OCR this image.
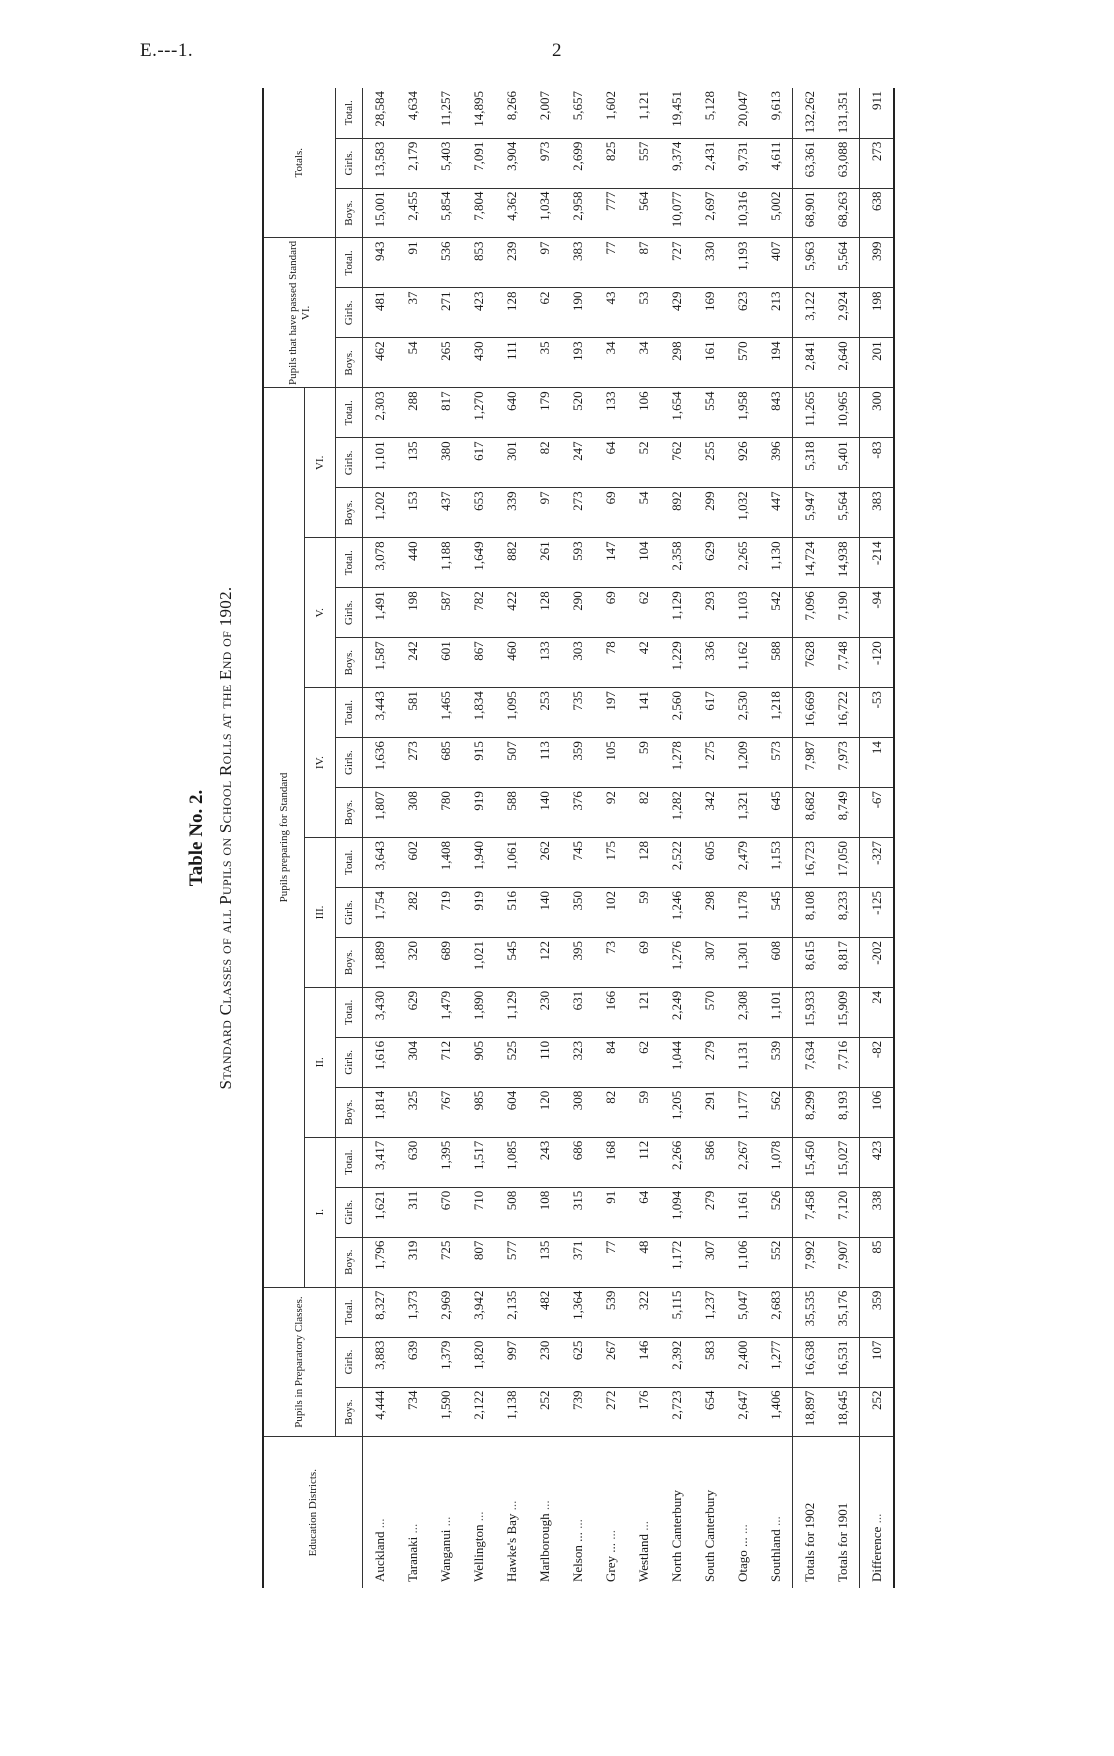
E.---1.	2
Table No. 2. Standard Classes of all Pupils on School Rolls at the End of 1902.
Education Districts.	Pupils in Preparatory Classes.			Pupils preparing for Standard																		Pupils that have passed Standard VI.			Totals.		
				I.			II.			III.			IV.			V.			VI.								
	Boys.	Girls.	Total.	Boys.	Girls.	Total.	Boys.	Girls.	Total.	Boys.	Girls.	Total.	Boys.	Girls.	Total.	Boys.	Girls.	Total.	Boys.	Girls.	Total.	Boys.	Girls.	Total.	Boys.	Girls.	Total.
Auckland ...	4,444	3,883	8,327	1,796	1,621	3,417	1,814	1,616	3,430	1,889	1,754	3,643	1,807	1,636	3,443	1,587	1,491	3,078	1,202	1,101	2,303	462	481	943	15,001	13,583	28,584
Taranaki ...	734	639	1,373	319	311	630	325	304	629	320	282	602	308	273	581	242	198	440	153	135	288	54	37	91	2,455	2,179	4,634
Wanganui ...	1,590	1,379	2,969	725	670	1,395	767	712	1,479	689	719	1,408	780	685	1,465	601	587	1,188	437	380	817	265	271	536	5,854	5,403	11,257
Wellington ...	2,122	1,820	3,942	807	710	1,517	985	905	1,890	1,021	919	1,940	919	915	1,834	867	782	1,649	653	617	1,270	430	423	853	7,804	7,091	14,895
Hawke's Bay ...	1,138	997	2,135	577	508	1,085	604	525	1,129	545	516	1,061	588	507	1,095	460	422	882	339	301	640	111	128	239	4,362	3,904	8,266
Marlborough ...	252	230	482	135	108	243	120	110	230	122	140	262	140	113	253	133	128	261	97	82	179	35	62	97	1,034	973	2,007
Nelson ... ...	739	625	1,364	371	315	686	308	323	631	395	350	745	376	359	735	303	290	593	273	247	520	193	190	383	2,958	2,699	5,657
Grey ... ...	272	267	539	77	91	168	82	84	166	73	102	175	92	105	197	78	69	147	69	64	133	34	43	77	777	825	1,602
Westland ...	176	146	322	48	64	112	59	62	121	69	59	128	82	59	141	42	62	104	54	52	106	34	53	87	564	557	1,121
North Canterbury	2,723	2,392	5,115	1,172	1,094	2,266	1,205	1,044	2,249	1,276	1,246	2,522	1,282	1,278	2,560	1,229	1,129	2,358	892	762	1,654	298	429	727	10,077	9,374	19,451
South Canterbury	654	583	1,237	307	279	586	291	279	570	307	298	605	342	275	617	336	293	629	299	255	554	161	169	330	2,697	2,431	5,128
Otago ... ...	2,647	2,400	5,047	1,106	1,161	2,267	1,177	1,131	2,308	1,301	1,178	2,479	1,321	1,209	2,530	1,162	1,103	2,265	1,032	926	1,958	570	623	1,193	10,316	9,731	20,047
Southland ...	1,406	1,277	2,683	552	526	1,078	562	539	1,101	608	545	1,153	645	573	1,218	588	542	1,130	447	396	843	194	213	407	5,002	4,611	9,613
Totals for 1902	18,897	16,638	35,535	7,992	7,458	15,450	8,299	7,634	15,933	8,615	8,108	16,723	8,682	7,987	16,669	7628	7,096	14,724	5,947	5,318	11,265	2,841	3,122	5,963	68,901	63,361	132,262
Totals for 1901	18,645	16,531	35,176	7,907	7,120	15,027	8,193	7,716	15,909	8,817	8,233	17,050	8,749	7,973	16,722	7,748	7,190	14,938	5,564	5,401	10,965	2,640	2,924	5,564	68,263	63,088	131,351
Difference ...	252	107	359	85	338	423	106	-82	24	-202	-125	-327	-67	14	-53	-120	-94	-214	383	-83	300	201	198	399	638	273	911
